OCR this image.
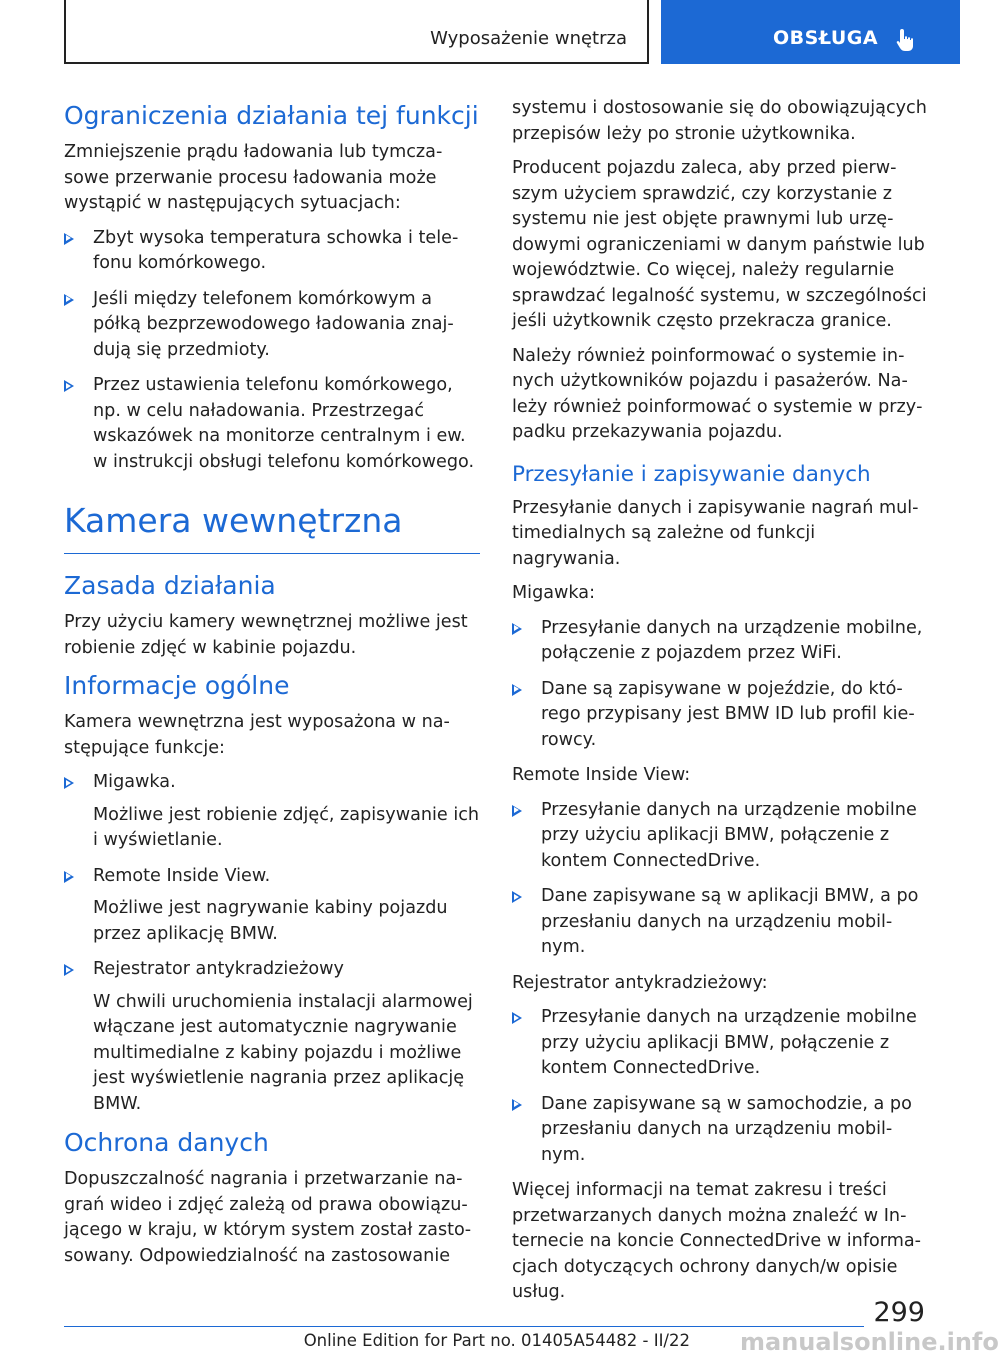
Wyposażenie wnętrza	OBSŁUGA
Ograniczenia działania tej funkcji

Zmniejszenie prądu ładowania lub tymczasowe przerwanie procesu ładowania może wystąpić w następujących sytuacjach:

Zbyt wysoka temperatura schowka i telefonu komórkowego.
Jeśli między telefonem komórkowym a półką bezprzewodowego ładowania znajdują się przedmioty.
Przez ustawienia telefonu komórkowego, np. w celu naładowania. Przestrzegać wskazówek na monitorze centralnym i ew. w instrukcji obsługi telefonu komórkowego.
Kamera wewnętrzna
Zasada działania

Przy użyciu kamery wewnętrznej możliwe jest robienie zdjęć w kabinie pojazdu.

Informacje ogólne

Kamera wewnętrzna jest wyposażona w następujące funkcje:

Migawka.
Możliwe jest robienie zdjęć, zapisywanie ich i wyświetlanie.
Remote Inside View.
Możliwe jest nagrywanie kabiny pojazdu przez aplikację BMW.
Rejestrator antykradzieżowy
W chwili uruchomienia instalacji alarmowej włączane jest automatycznie nagrywanie multimedialne z kabiny pojazdu i możliwe jest wyświetlenie nagrania przez aplikację BMW.
Ochrona danych

Dopuszczalność nagrania i przetwarzanie nagrań wideo i zdjęć zależą od prawa obowiązującego w kraju, w którym system został zastosowany. Odpowiedzialność na zastosowanie

systemu i dostosowanie się do obowiązujących przepisów leży po stronie użytkownika.

Producent pojazdu zaleca, aby przed pierwszym użyciem sprawdzić, czy korzystanie z systemu nie jest objęte prawnymi lub urzędowymi ograniczeniami w danym państwie lub województwie. Co więcej, należy regularnie sprawdzać legalność systemu, w szczególności jeśli użytkownik często przekracza granice.

Należy również poinformować o systemie innych użytkowników pojazdu i pasażerów. Należy również poinformować o systemie w przypadku przekazywania pojazdu.

Przesyłanie i zapisywanie danych

Przesyłanie danych i zapisywanie nagrań multimedialnych są zależne od funkcji nagrywania.

Migawka:

Przesyłanie danych na urządzenie mobilne, połączenie z pojazdem przez WiFi.
Dane są zapisywane w pojeździe, do którego przypisany jest BMW ID lub profil kierowcy.

Remote Inside View:

Przesyłanie danych na urządzenie mobilne przy użyciu aplikacji BMW, połączenie z kontem ConnectedDrive.
Dane zapisywane są w aplikacji BMW, a po przesłaniu danych na urządzeniu mobilnym.

Rejestrator antykradzieżowy:

Przesyłanie danych na urządzenie mobilne przy użyciu aplikacji BMW, połączenie z kontem ConnectedDrive.
Dane zapisywane są w samochodzie, a po przesłaniu danych na urządzeniu mobilnym.

Więcej informacji na temat zakresu i treści przetwarzanych danych można znaleźć w Internecie na koncie ConnectedDrive w informacjach dotyczących ochrony danych/w opisie usług.

299
Online Edition for Part no. 01405A54482 - II/22 manualsonline.info
